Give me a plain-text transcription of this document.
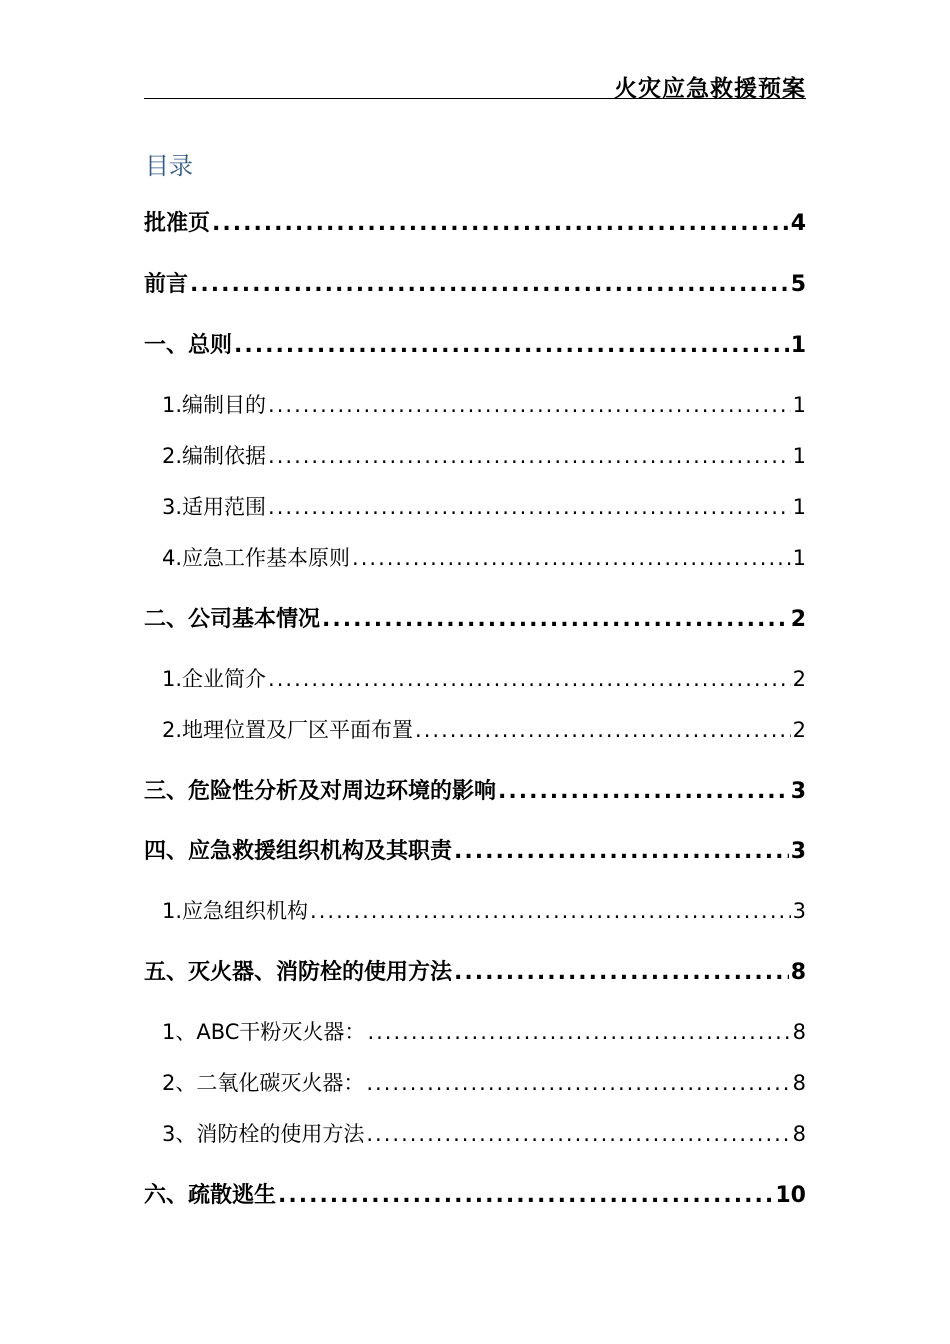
火灾应急救援预案
目录
批准页 .....	4
前言 .....	5
一、总则 .....	1
1.编制目的 .....	1
2.编制依据 .....	1
3.适用范围 .....	1
4.应急工作基本原则 .....	1
二、公司基本情况 .....	2
1.企业简介 .....	2
2.地理位置及厂区平面布置 .....	2
三、危险性分析及对周边环境的影响 .....	3
四、应急救援组织机构及其职责 .....	3
1.应急组织机构 .....	3
五、灭火器、消防栓的使用方法 .....	8
1、ABC干粉灭火器： .....	8
2、二氧化碳灭火器： .....	8
3、消防栓的使用方法 .....	8
六、疏散逃生 .....	10
